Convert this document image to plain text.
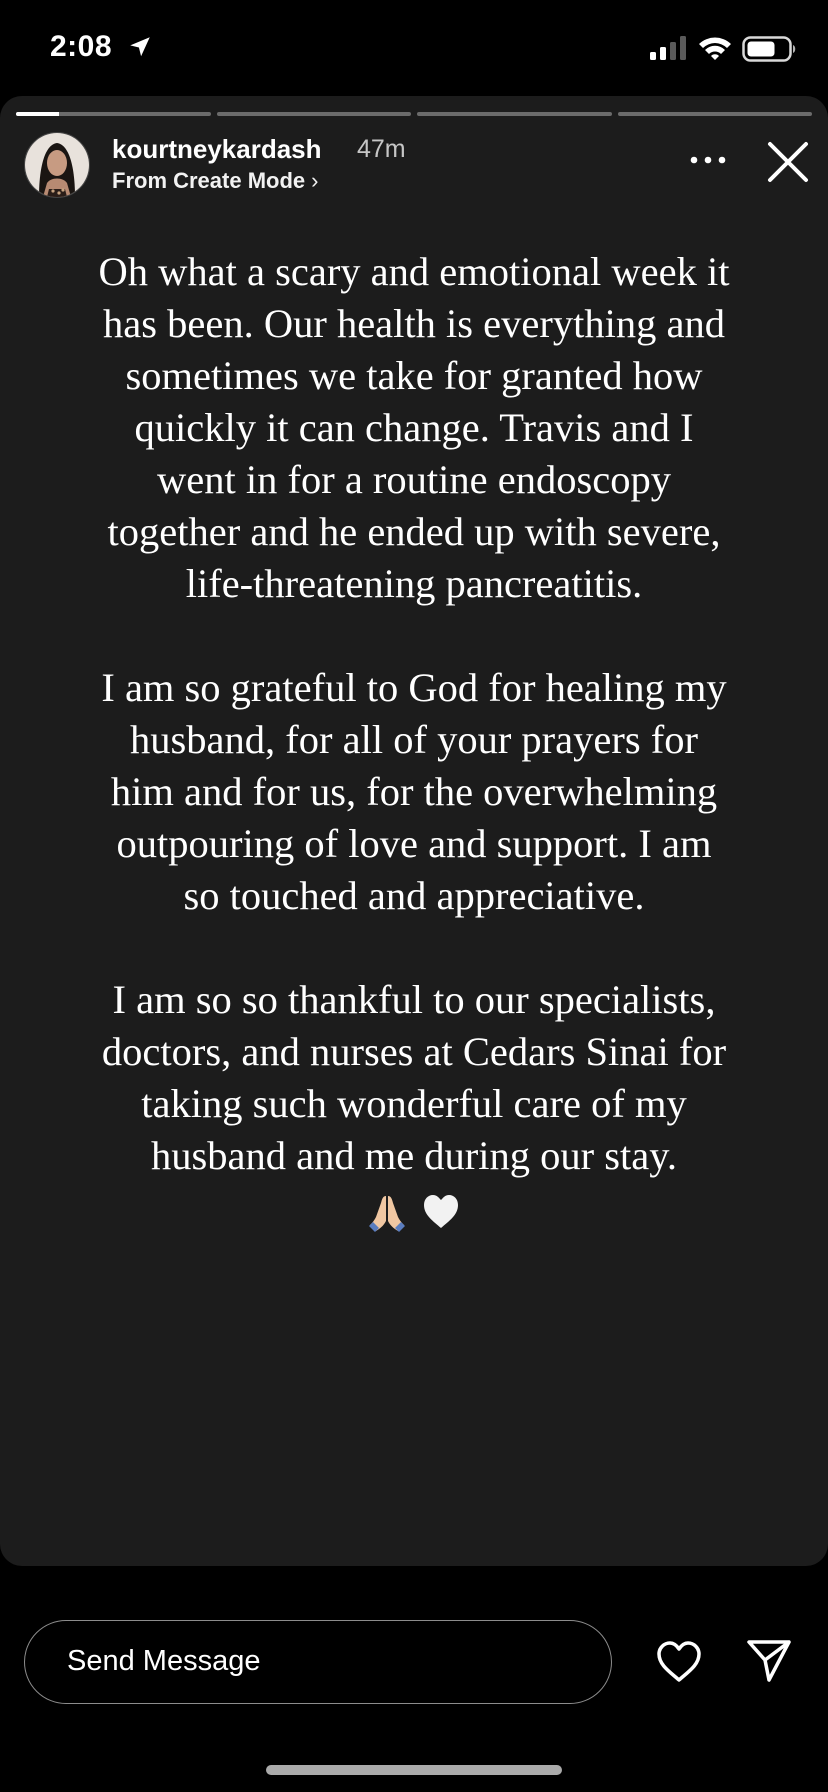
2:08
kourtneykardash 47m
From Create Mode ›

Oh what a scary and emotional week it has been. Our health is everything and sometimes we take for granted how quickly it can change. Travis and I went in for a routine endoscopy together and he ended up with severe, life-threatening pancreatitis.

I am so grateful to God for healing my husband, for all of your prayers for him and for us, for the overwhelming outpouring of love and support. I am so touched and appreciative.

I am so so thankful to our specialists, doctors, and nurses at Cedars Sinai for taking such wonderful care of my husband and me during our stay.

Send Message
